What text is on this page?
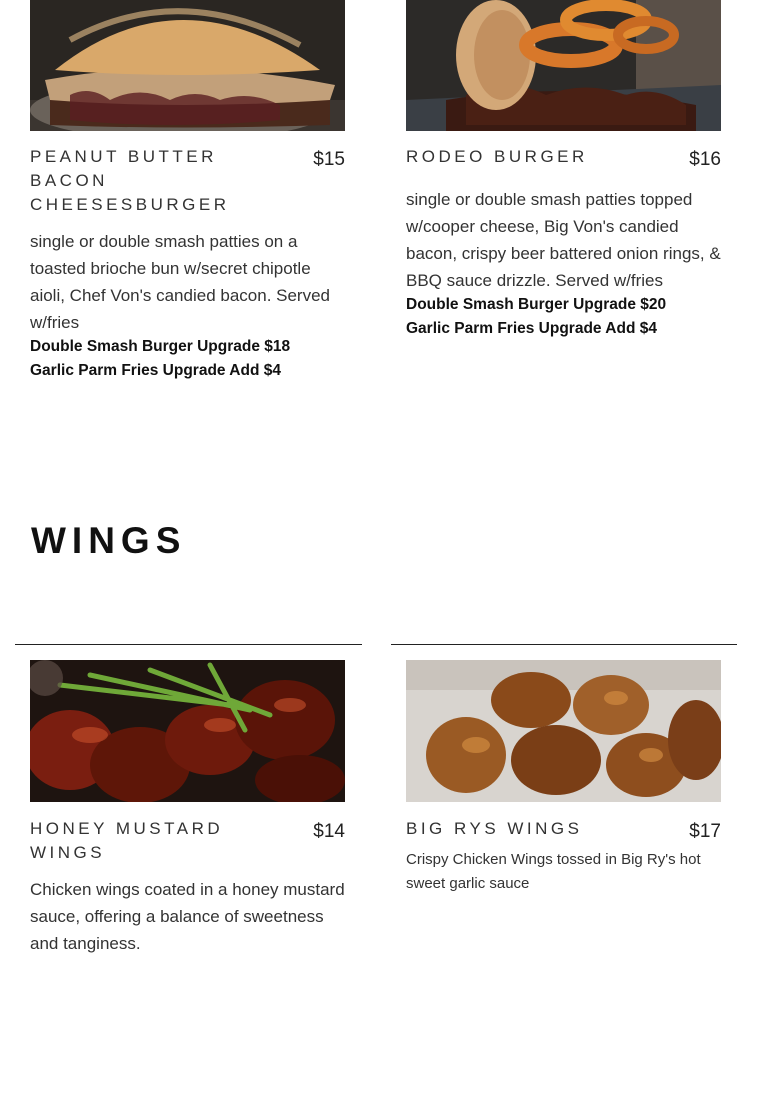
PEANUT BUTTER BACON CHEESESBURGER
$15
single or double smash patties on a toasted brioche bun w/secret chipotle aioli, Chef Von's candied bacon. Served w/fries
Double Smash Burger Upgrade $18
Garlic Parm Fries Upgrade Add $4
RODEO BURGER	$16
single or double smash patties topped w/cooper cheese, Big Von's candied bacon, crispy beer battered onion rings, & BBQ sauce drizzle. Served w/fries
Double Smash Burger Upgrade $20
Garlic Parm Fries Upgrade Add $4
WINGS
HONEY MUSTARD WINGS
$14
Chicken wings coated in a honey mustard sauce, offering a balance of sweetness and tanginess.
BIG RYS WINGS	$17
Crispy Chicken Wings tossed in Big Ry's hot sweet garlic sauce
